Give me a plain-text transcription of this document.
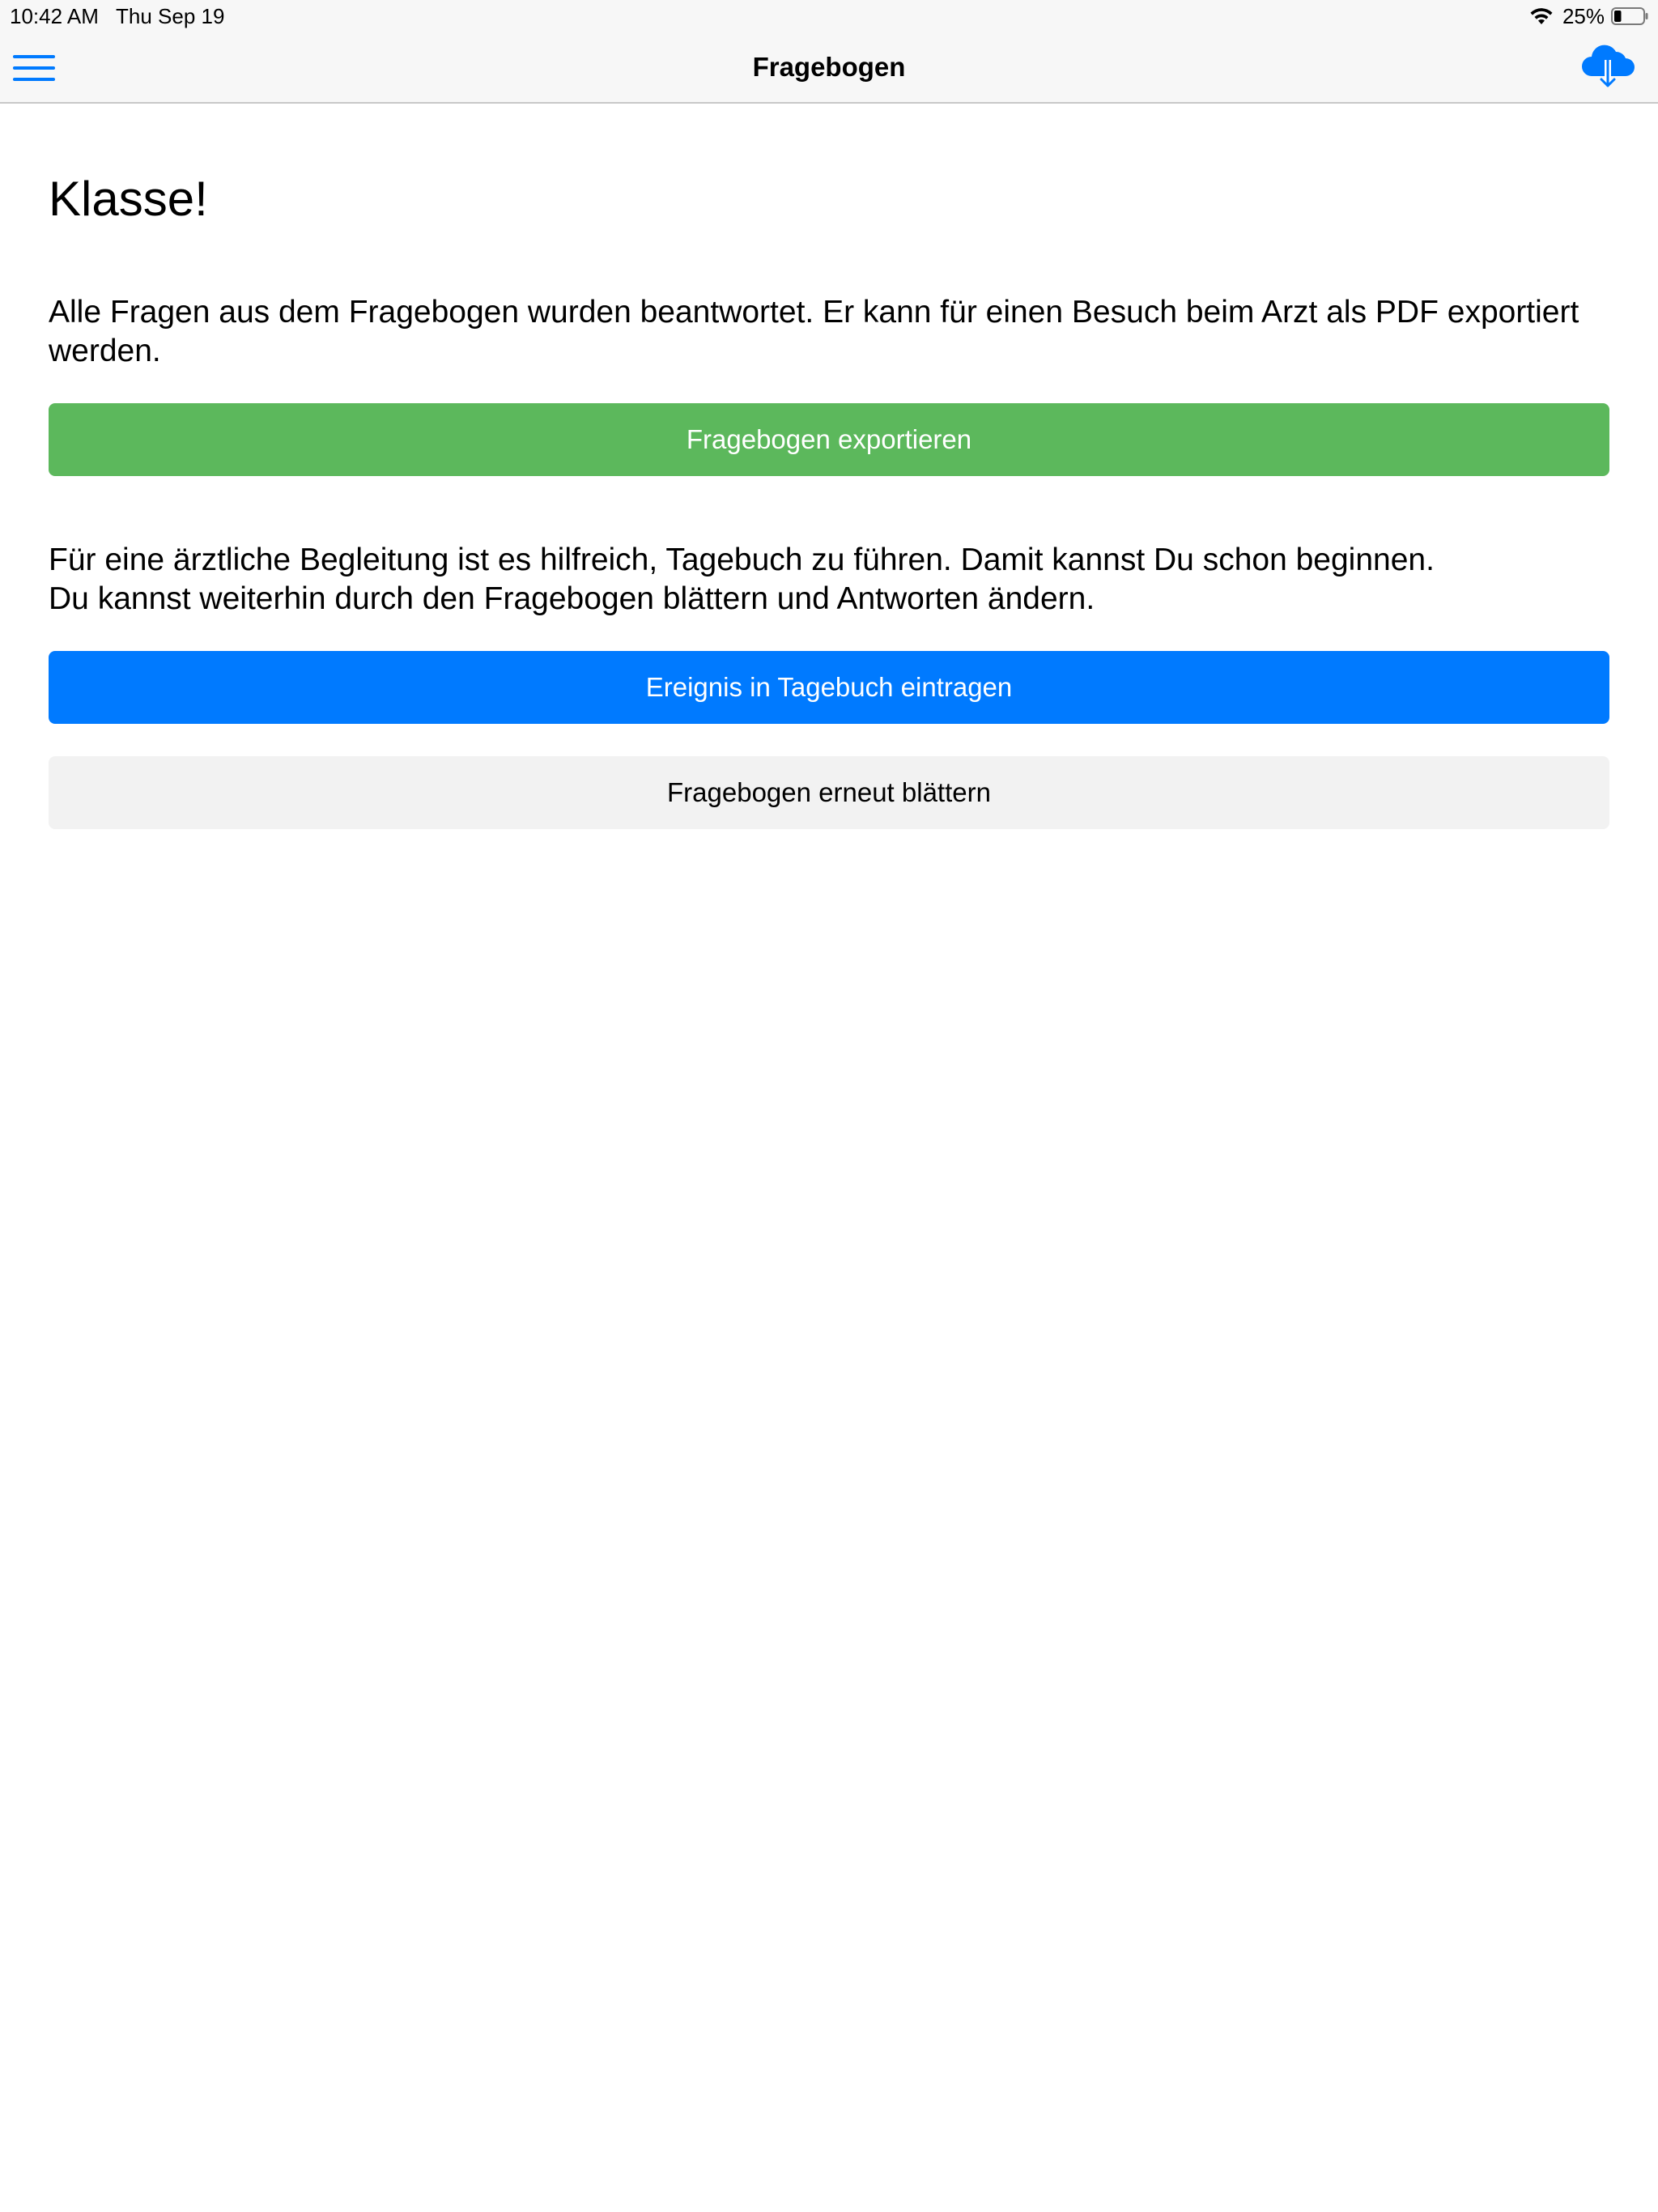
10:42 AM Thu Sep 19	25%
Fragebogen
Klasse!

Alle Fragen aus dem Fragebogen wurden beantwortet. Er kann für einen Besuch beim Arzt als PDF exportiert werden.

Fragebogen exportieren
Für eine ärztliche Begleitung ist es hilfreich, Tagebuch zu führen. Damit kannst Du schon beginnen.
Du kannst weiterhin durch den Fragebogen blättern und Antworten ändern.
Ereignis in Tagebuch eintragen
Fragebogen erneut blättern
